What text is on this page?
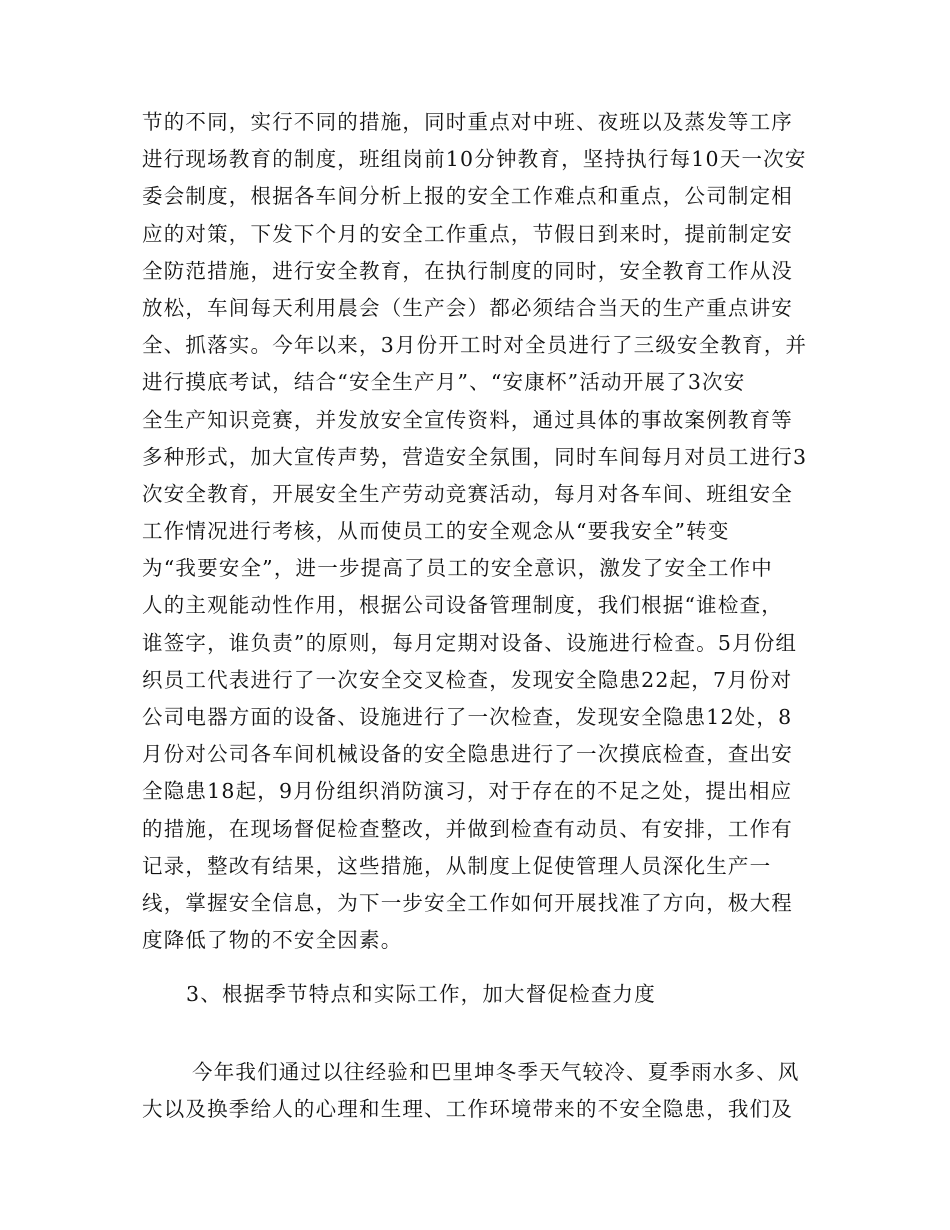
节的不同，实行不同的措施，同时重点对中班、夜班以及蒸发等工序
进行现场教育的制度，班组岗前10分钟教育，坚持执行每10天一次安
委会制度，根据各车间分析上报的安全工作难点和重点，公司制定相
应的对策，下发下个月的安全工作重点，节假日到来时，提前制定安
全防范措施，进行安全教育，在执行制度的同时，安全教育工作从没
放松，车间每天利用晨会（生产会）都必须结合当天的生产重点讲安
全、抓落实。今年以来，3月份开工时对全员进行了三级安全教育，并
进行摸底考试，结合“安全生产月”、“安康杯”活动开展了3次安
全生产知识竞赛，并发放安全宣传资料，通过具体的事故案例教育等
多种形式，加大宣传声势，营造安全氛围，同时车间每月对员工进行3
次安全教育，开展安全生产劳动竞赛活动，每月对各车间、班组安全
工作情况进行考核，从而使员工的安全观念从“要我安全”转变
为“我要安全”，进一步提高了员工的安全意识，激发了安全工作中
人的主观能动性作用，根据公司设备管理制度，我们根据“谁检查，
谁签字，谁负责”的原则，每月定期对设备、设施进行检查。5月份组
织员工代表进行了一次安全交叉检查，发现安全隐患22起，7月份对
公司电器方面的设备、设施进行了一次检查，发现安全隐患12处，8
月份对公司各车间机械设备的安全隐患进行了一次摸底检查，查出安
全隐患18起，9月份组织消防演习，对于存在的不足之处，提出相应
的措施，在现场督促检查整改，并做到检查有动员、有安排，工作有
记录，整改有结果，这些措施，从制度上促使管理人员深化生产一
线，掌握安全信息，为下一步安全工作如何开展找准了方向，极大程
度降低了物的不安全因素。
3、根据季节特点和实际工作，加大督促检查力度
今年我们通过以往经验和巴里坤冬季天气较冷、夏季雨水多、风
大以及换季给人的心理和生理、工作环境带来的不安全隐患，我们及
